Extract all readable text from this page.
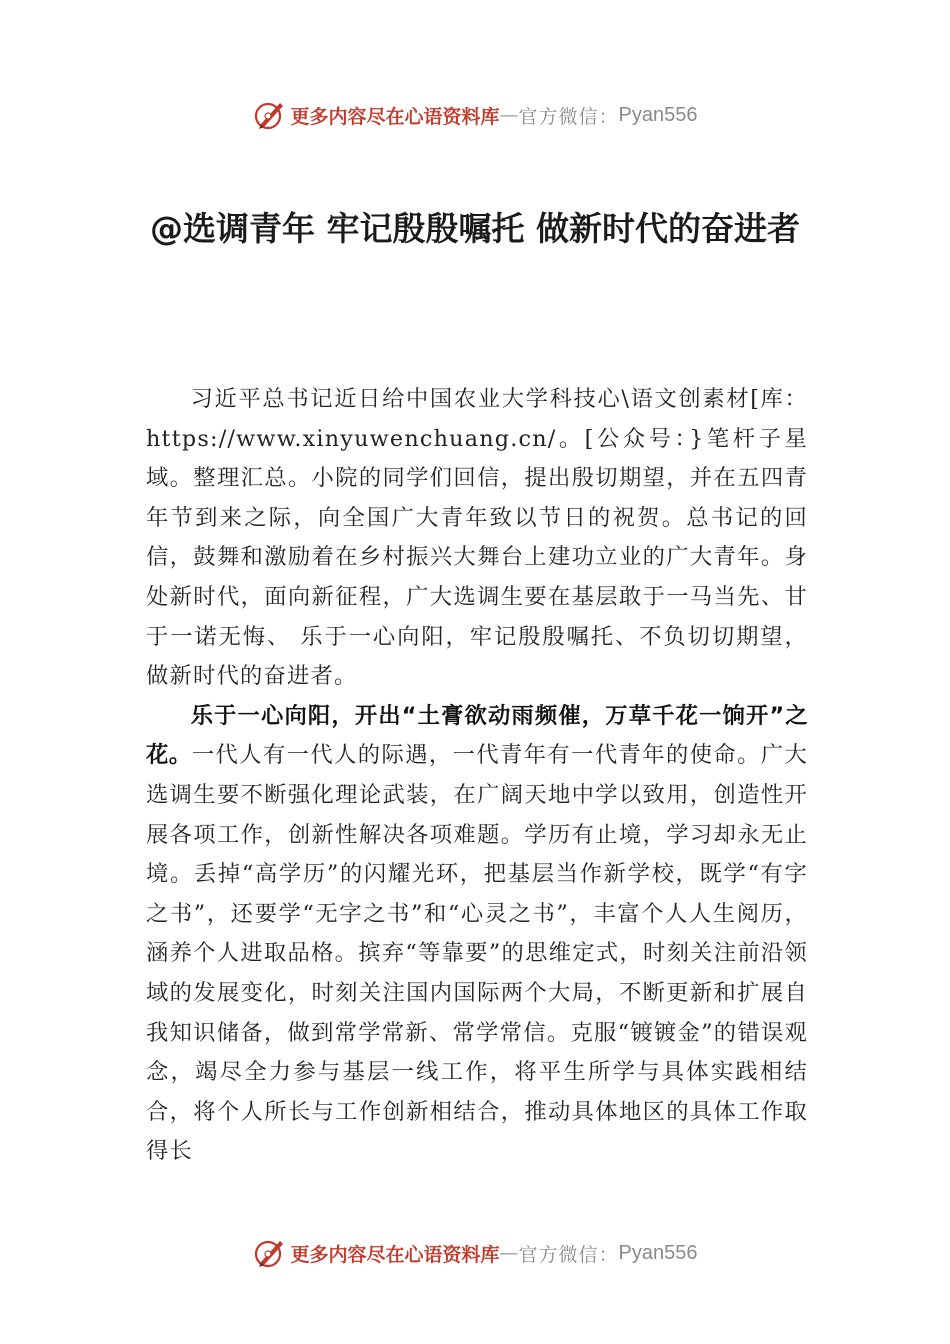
更多内容尽在心语资料库 — 官方微信： Pyan556
@选调青年 牢记殷殷嘱托 做新时代的奋进者

习近平总书记近日给中国农业大学科技心\语文创素材[库：https://www.xinyuwenchuang.cn/。[公众号：}笔杆子星域。整理汇总。小院的同学们回信，提出殷切期望，并在五四青年节到来之际，向全国广大青年致以节日的祝贺。总书记的回信，鼓舞和激励着在乡村振兴大舞台上建功立业的广大青年。身处新时代，面向新征程，广大选调生要在基层敢于一马当先、甘于一诺无悔、 乐于一心向阳，牢记殷殷嘱托、不负切切期望，做新时代的奋进者。

乐于一心向阳，开出“土膏欲动雨频催，万草千花一饷开”之花。一代人有一代人的际遇，一代青年有一代青年的使命。广大选调生要不断强化理论武装，在广阔天地中学以致用，创造性开展各项工作，创新性解决各项难题。学历有止境，学习却永无止境。丢掉“高学历”的闪耀光环，把基层当作新学校，既学“有字之书”，还要学“无字之书”和“心灵之书”，丰富个人人生阅历，涵养个人进取品格。摈弃“等靠要”的思维定式，时刻关注前沿领域的发展变化，时刻关注国内国际两个大局，不断更新和扩展自我知识储备，做到常学常新、常学常信。克服“镀镀金”的错误观念，竭尽全力参与基层一线工作，将平生所学与具体实践相结合，将个人所长与工作创新相结合，推动具体地区的具体工作取得长

更多内容尽在心语资料库 — 官方微信： Pyan556
